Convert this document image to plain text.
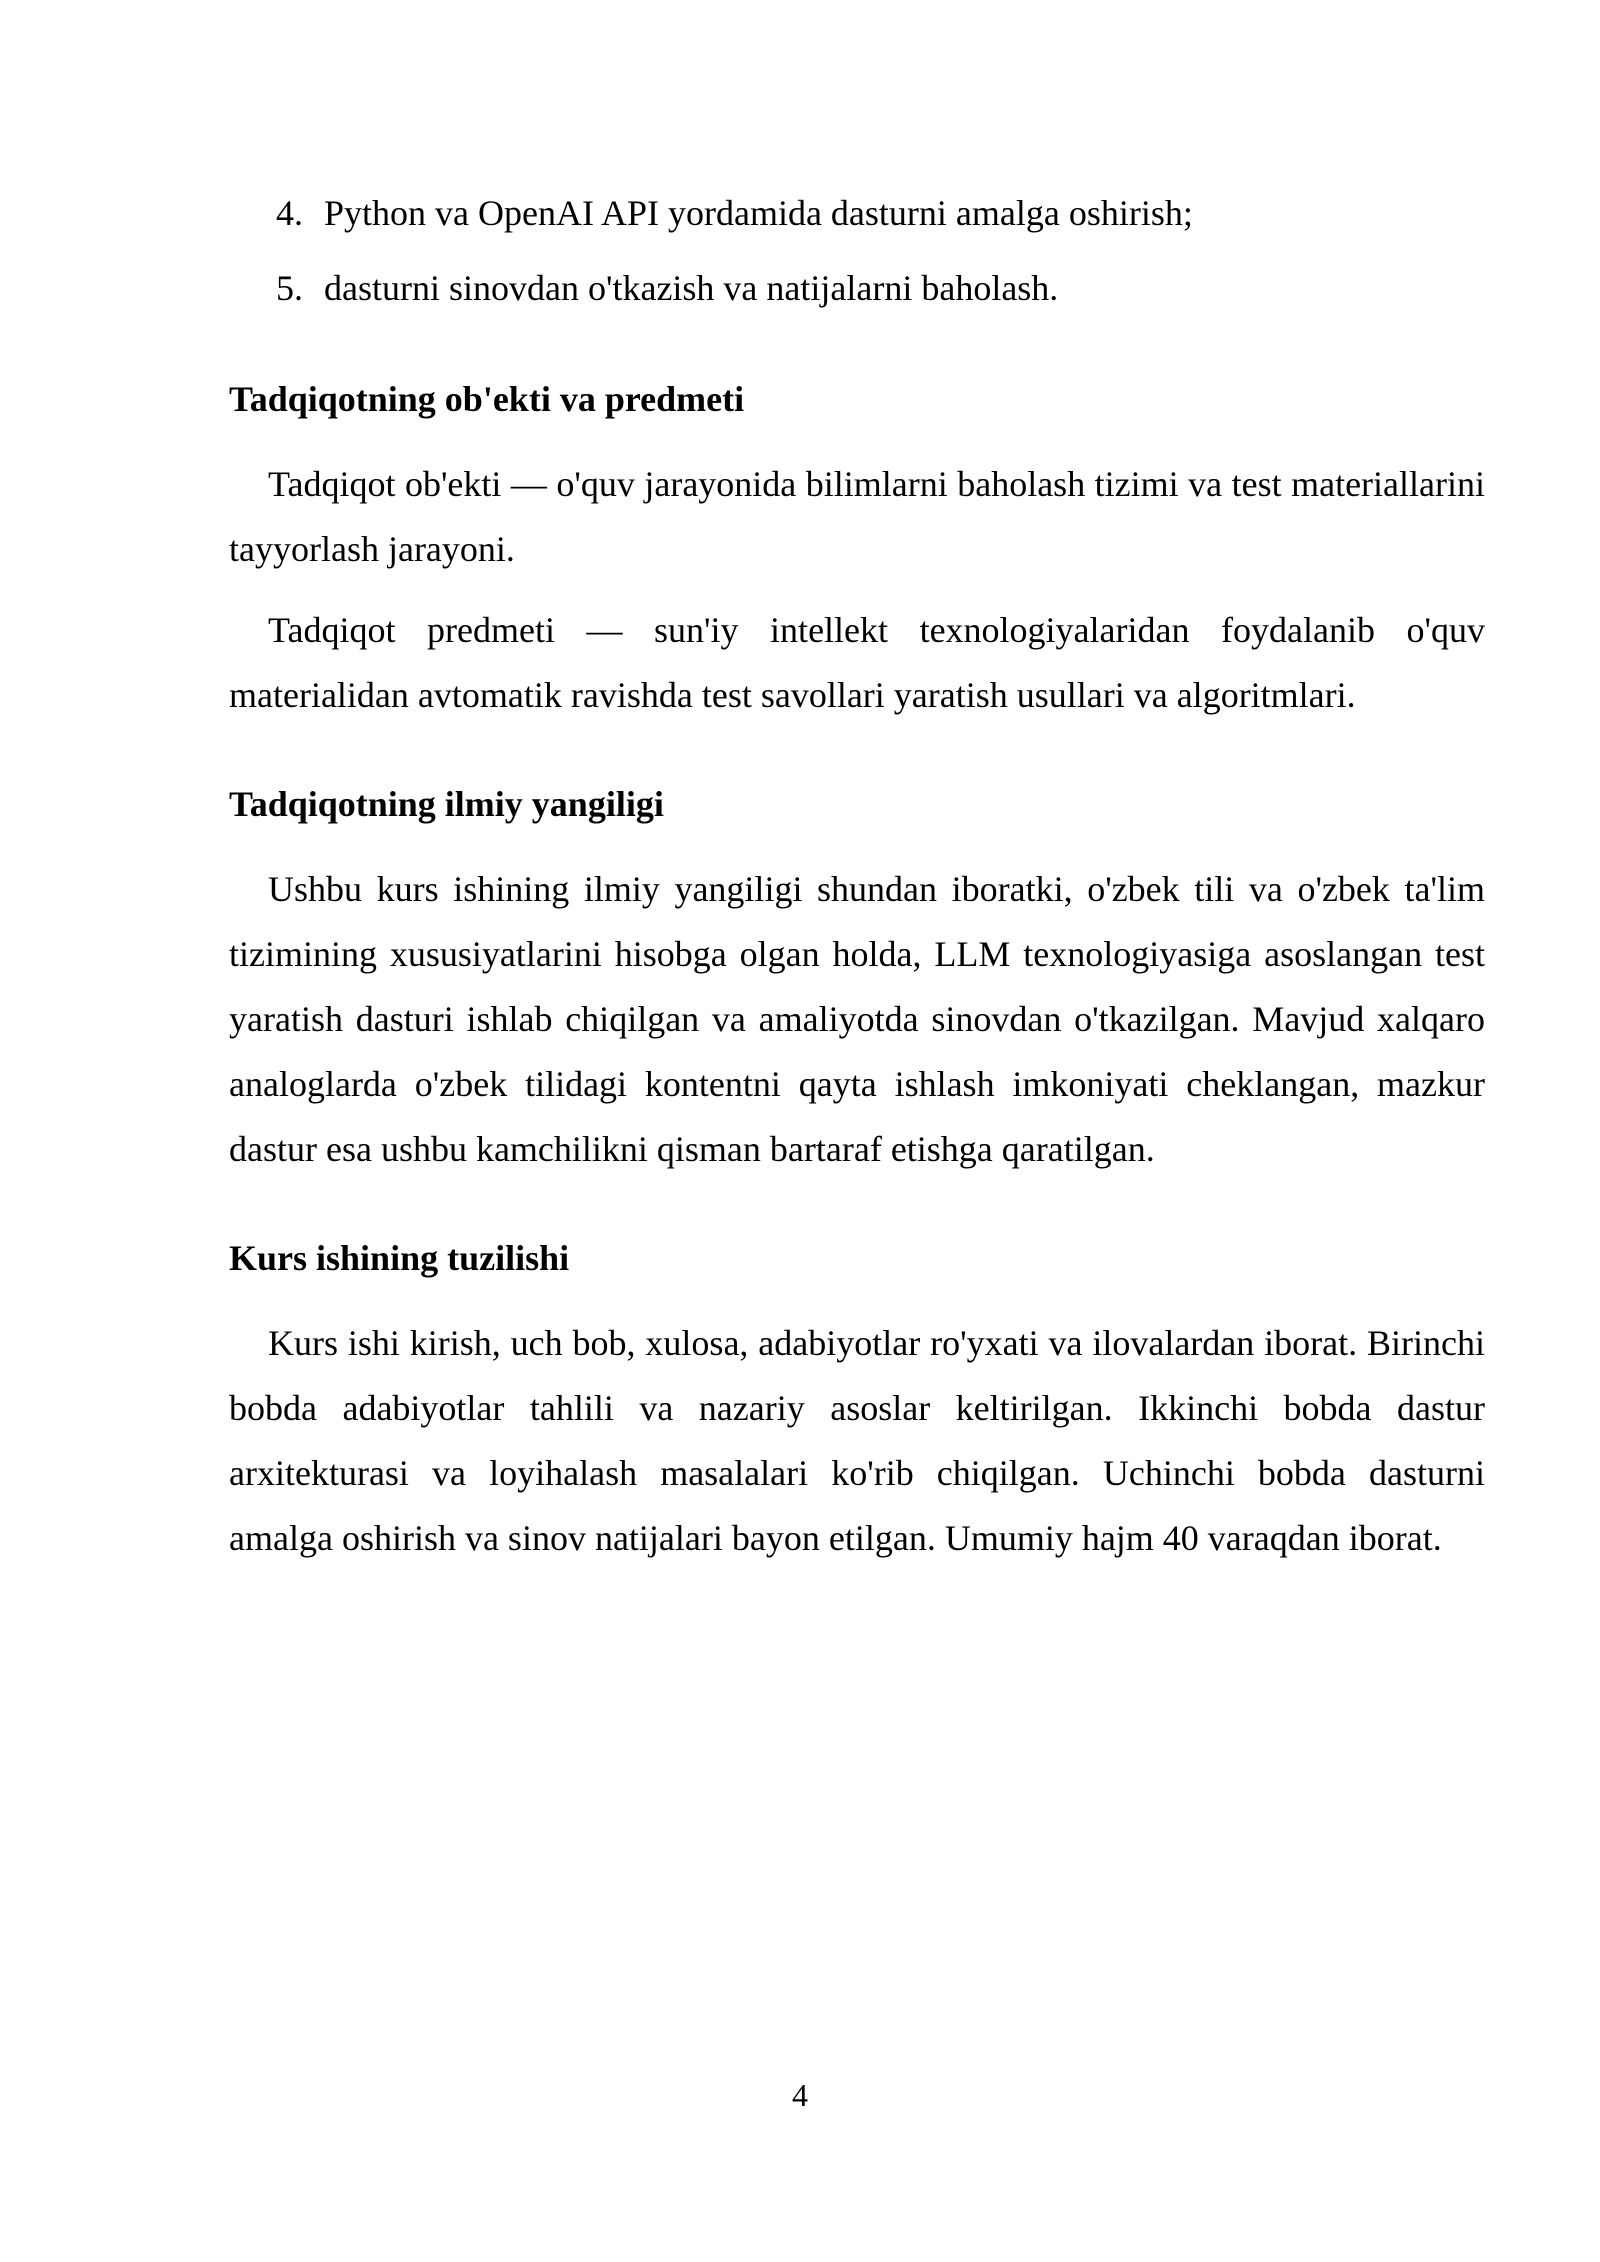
4. Python va OpenAI API yordamida dasturni amalga oshirish;
5. dasturni sinovdan o'tkazish va natijalarni baholash.
Tadqiqotning ob'ekti va predmeti

Tadqiqot ob'ekti — o'quv jarayonida bilimlarni baholash tizimi va test materiallarini tayyorlash jarayoni.

Tadqiqot predmeti — sun'iy intellekt texnologiyalaridan foydalanib o'quv materialidan avtomatik ravishda test savollari yaratish usullari va algoritmlari.

Tadqiqotning ilmiy yangiligi

Ushbu kurs ishining ilmiy yangiligi shundan iboratki, o'zbek tili va o'zbek ta'lim tizimining xususiyatlarini hisobga olgan holda, LLM texnologiyasiga asoslangan test yaratish dasturi ishlab chiqilgan va amaliyotda sinovdan o'tkazilgan. Mavjud xalqaro analoglarda o'zbek tilidagi kontentni qayta ishlash imkoniyati cheklangan, mazkur dastur esa ushbu kamchilikni qisman bartaraf etishga qaratilgan.

Kurs ishining tuzilishi

Kurs ishi kirish, uch bob, xulosa, adabiyotlar ro'yxati va ilovalardan iborat. Birinchi bobda adabiyotlar tahlili va nazariy asoslar keltirilgan. Ikkinchi bobda dastur arxitekturasi va loyihalash masalalari ko'rib chiqilgan. Uchinchi bobda dasturni amalga oshirish va sinov natijalari bayon etilgan. Umumiy hajm 40 varaqdan iborat.

4
